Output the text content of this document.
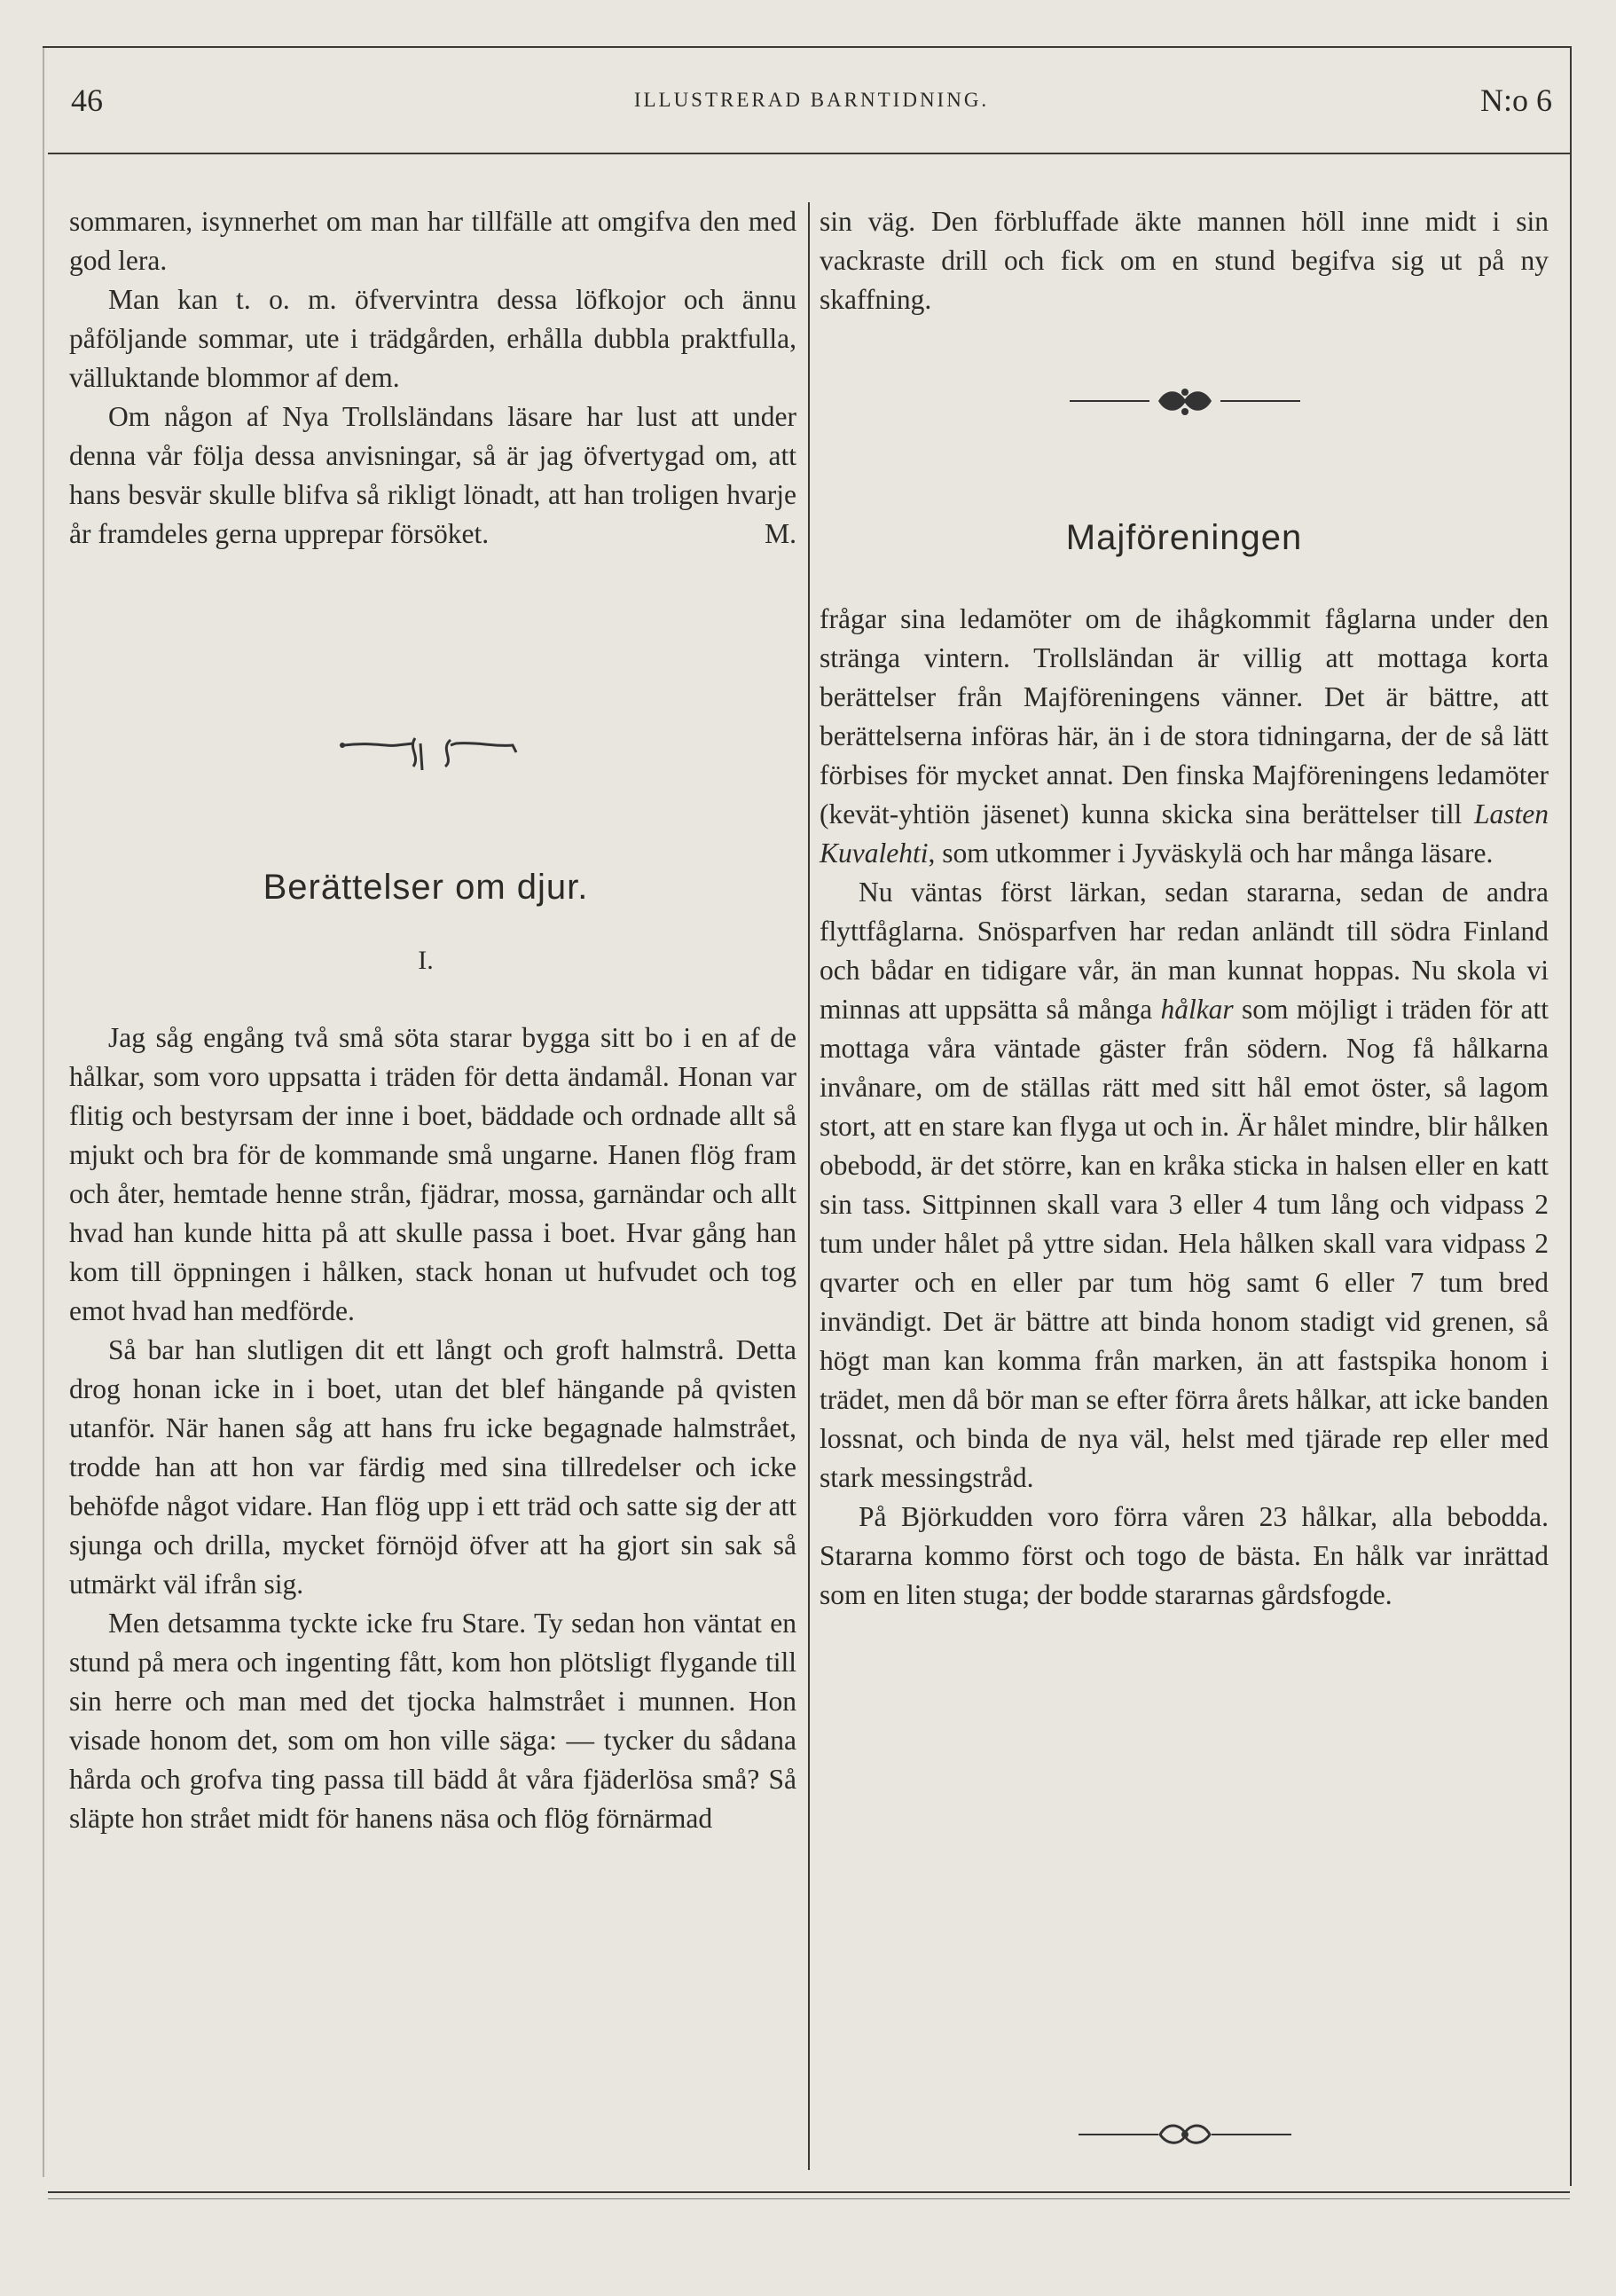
46	ILLUSTRERAD BARNTIDNING.	N:o 6

sommaren, isynnerhet om man har tillfälle att omgifva den med god lera.

Man kan t. o. m. öfvervintra dessa löfkojor och ännu påföljande sommar, ute i trädgården, erhålla dubbla praktfulla, välluktande blommor af dem.

Om någon af Nya Trollsländans läsare har lust att under denna vår följa dessa anvisningar, så är jag öfvertygad om, att hans besvär skulle blifva så rikligt lönadt, att han troligen hvarje år framdeles gerna upprepar försöket.	M.

Berättelser om djur.
I.

Jag såg engång två små söta starar bygga sitt bo i en af de hålkar, som voro uppsatta i träden för detta ändamål. Honan var flitig och bestyrsam der inne i boet, bäddade och ordnade allt så mjukt och bra för de kommande små ungarne. Hanen flög fram och åter, hemtade henne strån, fjädrar, mossa, garnändar och allt hvad han kunde hitta på att skulle passa i boet. Hvar gång han kom till öppningen i hålken, stack honan ut hufvudet och tog emot hvad han medförde.

Så bar han slutligen dit ett långt och groft halmstrå. Detta drog honan icke in i boet, utan det blef hängande på qvisten utanför. När hanen såg att hans fru icke begagnade halmstrået, trodde han att hon var färdig med sina tillredelser och icke behöfde något vidare. Han flög upp i ett träd och satte sig der att sjunga och drilla, mycket förnöjd öfver att ha gjort sin sak så utmärkt väl ifrån sig.

Men detsamma tyckte icke fru Stare. Ty sedan hon väntat en stund på mera och ingenting fått, kom hon plötsligt flygande till sin herre och man med det tjocka halmstrået i munnen. Hon visade honom det, som om hon ville säga: — tycker du sådana hårda och grofva ting passa till bädd åt våra fjäderlösa små? Så släpte hon strået midt för hanens näsa och flög förnärmad

sin väg. Den förbluffade äkte mannen höll inne midt i sin vackraste drill och fick om en stund begifva sig ut på ny skaffning.

Majföreningen

frågar sina ledamöter om de ihågkommit fåglarna under den stränga vintern. Trollsländan är villig att mottaga korta berättelser från Majföreningens vänner. Det är bättre, att berättelserna införas här, än i de stora tidningarna, der de så lätt förbises för mycket annat. Den finska Majföreningens ledamöter (kevät-yhtiön jäsenet) kunna skicka sina berättelser till Lasten Kuvalehti, som utkommer i Jyväskylä och har många läsare.

Nu väntas först lärkan, sedan stararna, sedan de andra flyttfåglarna. Snösparfven har redan anländt till södra Finland och bådar en tidigare vår, än man kunnat hoppas. Nu skola vi minnas att uppsätta så många hålkar som möjligt i träden för att mottaga våra väntade gäster från södern. Nog få hålkarna invånare, om de ställas rätt med sitt hål emot öster, så lagom stort, att en stare kan flyga ut och in. Är hålet mindre, blir hålken obebodd, är det större, kan en kråka sticka in halsen eller en katt sin tass. Sittpinnen skall vara 3 eller 4 tum lång och vidpass 2 tum under hålet på yttre sidan. Hela hålken skall vara vidpass 2 qvarter och en eller par tum hög samt 6 eller 7 tum bred invändigt. Det är bättre att binda honom stadigt vid grenen, så högt man kan komma från marken, än att fastspika honom i trädet, men då bör man se efter förra årets hålkar, att icke banden lossnat, och binda de nya väl, helst med tjärade rep eller med stark messingstråd.

På Björkudden voro förra våren 23 hålkar, alla bebodda. Stararna kommo först och togo de bästa. En hålk var inrättad som en liten stuga; der bodde stararnas gårdsfogde.
